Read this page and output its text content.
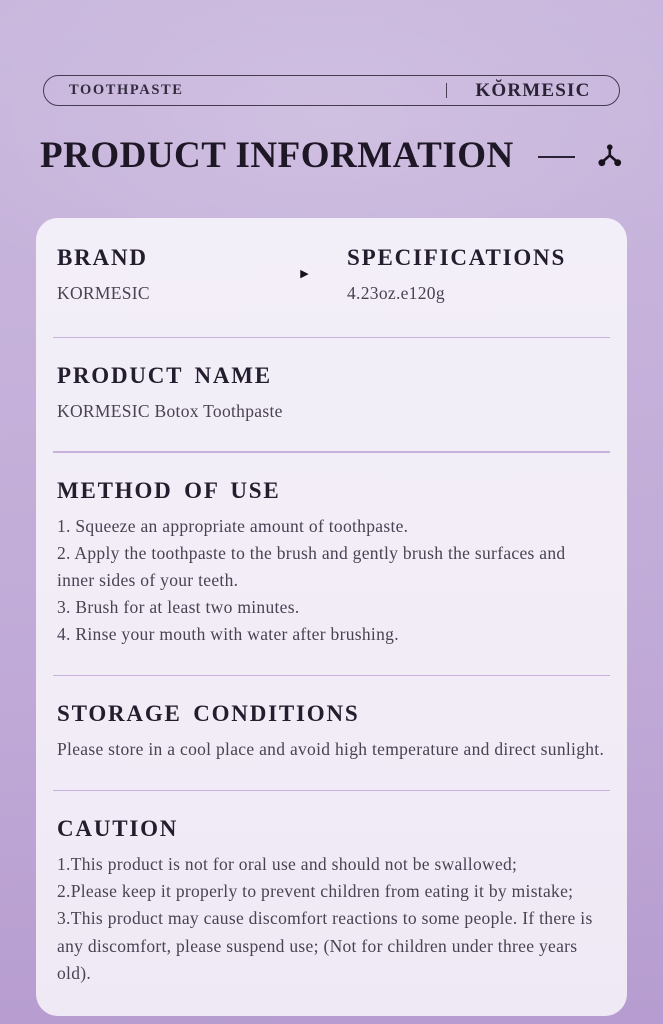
TOOTHPASTE	KŎRMESIC
PRODUCT INFORMATION
BRAND

KORMESIC

▶
SPECIFICATIONS

4.23oz.e120g

PRODUCT NAME

KORMESIC Botox Toothpaste

METHOD OF USE

1. Squeeze an appropriate amount of toothpaste.

2. Apply the toothpaste to the brush and gently brush the surfaces and inner sides of your teeth.

3. Brush for at least two minutes.

4. Rinse your mouth with water after brushing.

STORAGE CONDITIONS

Please store in a cool place and avoid high temperature and direct sunlight.

CAUTION

1.This product is not for oral use and should not be swallowed;

2.Please keep it properly to prevent children from eating it by mistake;

3.This product may cause discomfort reactions to some people. If there is any discomfort, please suspend use; (Not for children under three years old).
